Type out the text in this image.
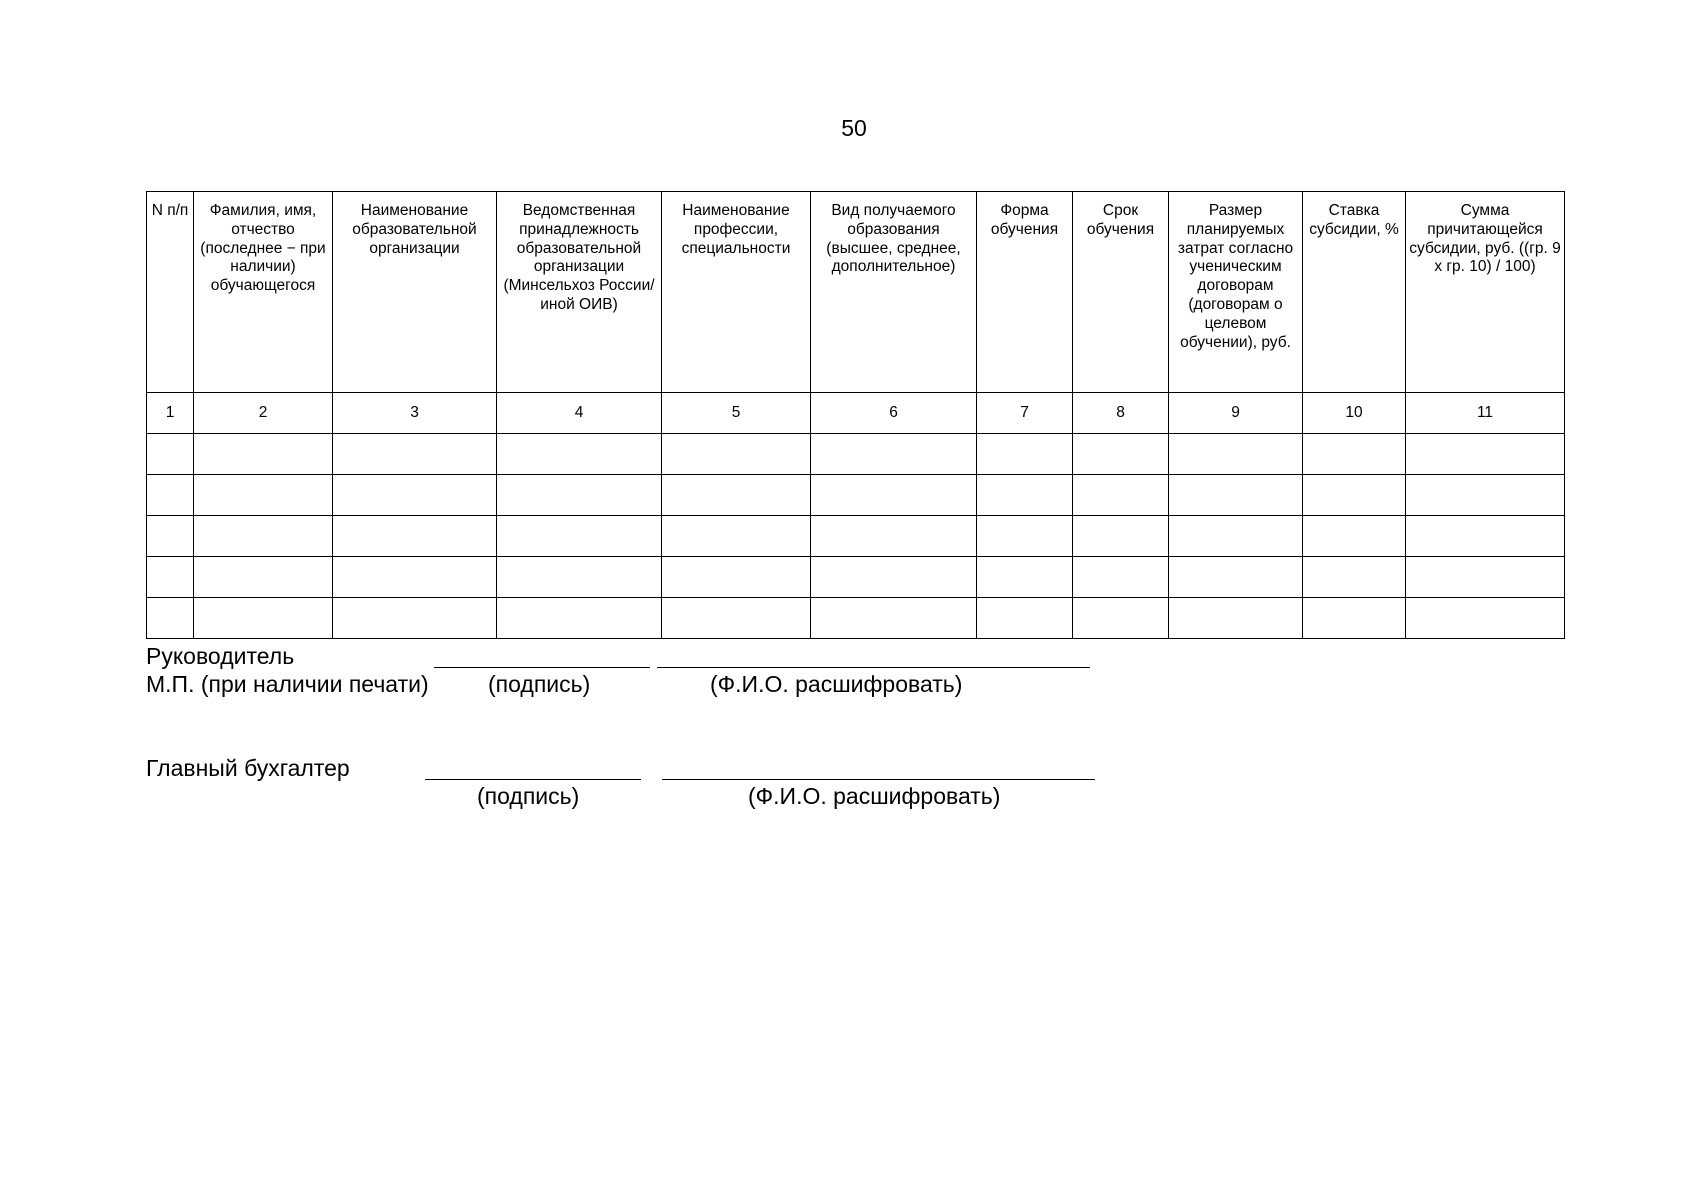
50
N п/п	Фамилия, имя, отчество (последнее − при наличии) обучающегося	Наименование образовательной организации	Ведомственная принадлежность образовательной организации (Минсельхоз России/ иной ОИВ)	Наименование профессии, специальности	Вид получаемого образования (высшее, среднее, дополнительное)	Форма обучения	Срок обучения	Размер планируемых затрат согласно ученическим договорам (договорам о целевом обучении), руб.	Ставка субсидии, %	Сумма причитающейся субсидии, руб. ((гр. 9 х гр. 10) / 100)
1	2	3	4	5	6	7	8	9	10	11

Руководитель
М.П. (при наличии печати)	(подпись)	(Ф.И.О. расшифровать)
Главный бухгалтер
(подпись)	(Ф.И.О. расшифровать)
